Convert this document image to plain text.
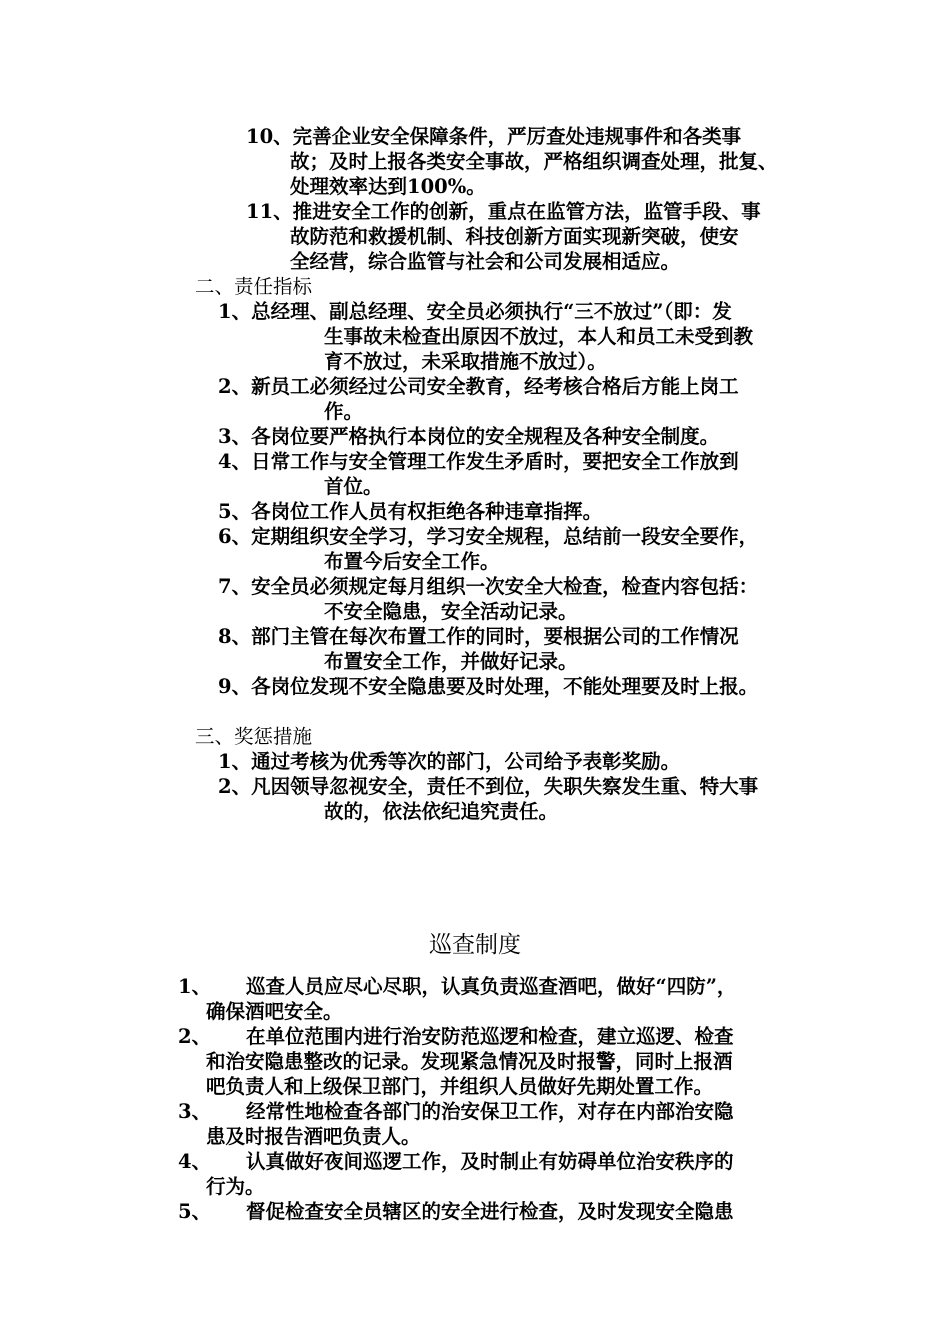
10、完善企业安全保障条件，严厉查处违规事件和各类事
故；及时上报各类安全事故，严格组织调查处理，批复、
处理效率达到100%。
11、推进安全工作的创新，重点在监管方法，监管手段、事
故防范和救援机制、科技创新方面实现新突破，使安
全经营，综合监管与社会和公司发展相适应。
二、责任指标
1、总经理、副总经理、安全员必须执行“三不放过”（即：发
生事故未检查出原因不放过，本人和员工未受到教
育不放过，未采取措施不放过）。
2、新员工必须经过公司安全教育，经考核合格后方能上岗工
作。
3、各岗位要严格执行本岗位的安全规程及各种安全制度。
4、日常工作与安全管理工作发生矛盾时，要把安全工作放到
首位。
5、各岗位工作人员有权拒绝各种违章指挥。
6、定期组织安全学习，学习安全规程，总结前一段安全要作，
布置今后安全工作。
7、安全员必须规定每月组织一次安全大检查，检查内容包括：
不安全隐患，安全活动记录。
8、部门主管在每次布置工作的同时，要根据公司的工作情况
布置安全工作，并做好记录。
9、各岗位发现不安全隐患要及时处理，不能处理要及时上报。
三、奖惩措施
1、通过考核为优秀等次的部门，公司给予表彰奖励。
2、凡因领导忽视安全，责任不到位，失职失察发生重、特大事
故的，依法依纪追究责任。
巡查制度
1、 巡查人员应尽心尽职，认真负责巡查酒吧，做好“四防”，
确保酒吧安全。
2、 在单位范围内进行治安防范巡逻和检查，建立巡逻、检查
和治安隐患整改的记录。发现紧急情况及时报警，同时上报酒
吧负责人和上级保卫部门，并组织人员做好先期处置工作。
3、 经常性地检查各部门的治安保卫工作，对存在内部治安隐
患及时报告酒吧负责人。
4、 认真做好夜间巡逻工作，及时制止有妨碍单位治安秩序的
行为。
5、 督促检查安全员辖区的安全进行检查，及时发现安全隐患
